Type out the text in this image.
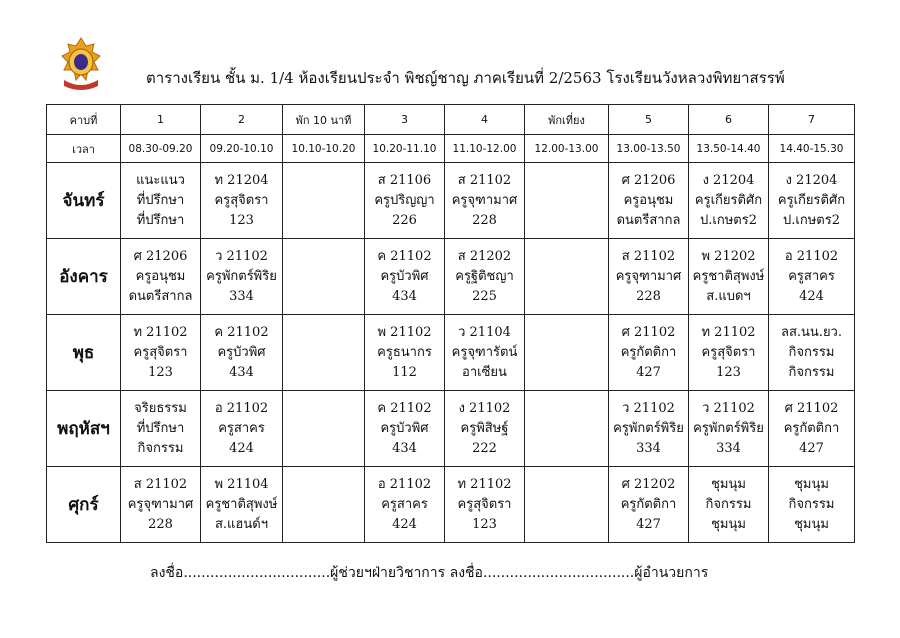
ตารางเรียน ชั้น ม. 1/4 ห้องเรียนประจำ พิชญ์ชาญ ภาคเรียนที่ 2/2563 โรงเรียนวังหลวงพิทยาสรรพ์
คาบที่	1	2	พัก 10 นาที	3	4	พักเที่ยง	5	6	7
เวลา	08.30-09.20	09.20-10.10	10.10-10.20	10.20-11.10	11.10-12.00	12.00-13.00	13.00-13.50	13.50-14.40	14.40-15.30
จันทร์	แนะแนว
ที่ปรึกษา
ที่ปรึกษา	ท 21204
ครูสุจิตรา
123		ส 21106
ครูปริญญา
226	ส 21102
ครูจุฑามาศ
228		ศ 21206
ครูอนุชม
ดนตรีสากล	ง 21204
ครูเกียรติศัก
ป.เกษตร2	ง 21204
ครูเกียรติศัก
ป.เกษตร2

อังคาร	ศ 21206
ครูอนุชม
ดนตรีสากล	ว 21102
ครูพักตร์พิริย
334		ค 21102
ครูบัวพิศ
434	ส 21202
ครูฐิติชญา
225		ส 21102
ครูจุฑามาศ
228	พ 21202
ครูชาติสุพงษ์
ส.แบดฯ	อ 21102
ครูสาคร
424

พุธ	ท 21102
ครูสุจิตรา
123	ค 21102
ครูบัวพิศ
434		พ 21102
ครูธนากร
112	ว 21104
ครูจุฑารัตน์
อาเซียน		ศ 21102
ครูกัตติกา
427	ท 21102
ครูสุจิตรา
123	ลส.นน.ยว.
กิจกรรม
กิจกรรม

พฤหัสฯ	จริยธรรม
ที่ปรึกษา
กิจกรรม	อ 21102
ครูสาคร
424		ค 21102
ครูบัวพิศ
434	ง 21102
ครูพิสิษฐ์
222		ว 21102
ครูพักตร์พิริย
334	ว 21102
ครูพักตร์พิริย
334	ศ 21102
ครูกัตติกา
427

ศุกร์	ส 21102
ครูจุฑามาศ
228	พ 21104
ครูชาติสุพงษ์
ส.แฮนด์ฯ		อ 21102
ครูสาคร
424	ท 21102
ครูสุจิตรา
123		ศ 21202
ครูกัตติกา
427	ชุมนุม
กิจกรรม
ชุมนุม	ชุมนุม
กิจกรรม
ชุมนุม
ลงชื่อ.................................ผู้ช่วยฯฝ่ายวิชาการ ลงชื่อ..................................ผู้อำนวยการ
